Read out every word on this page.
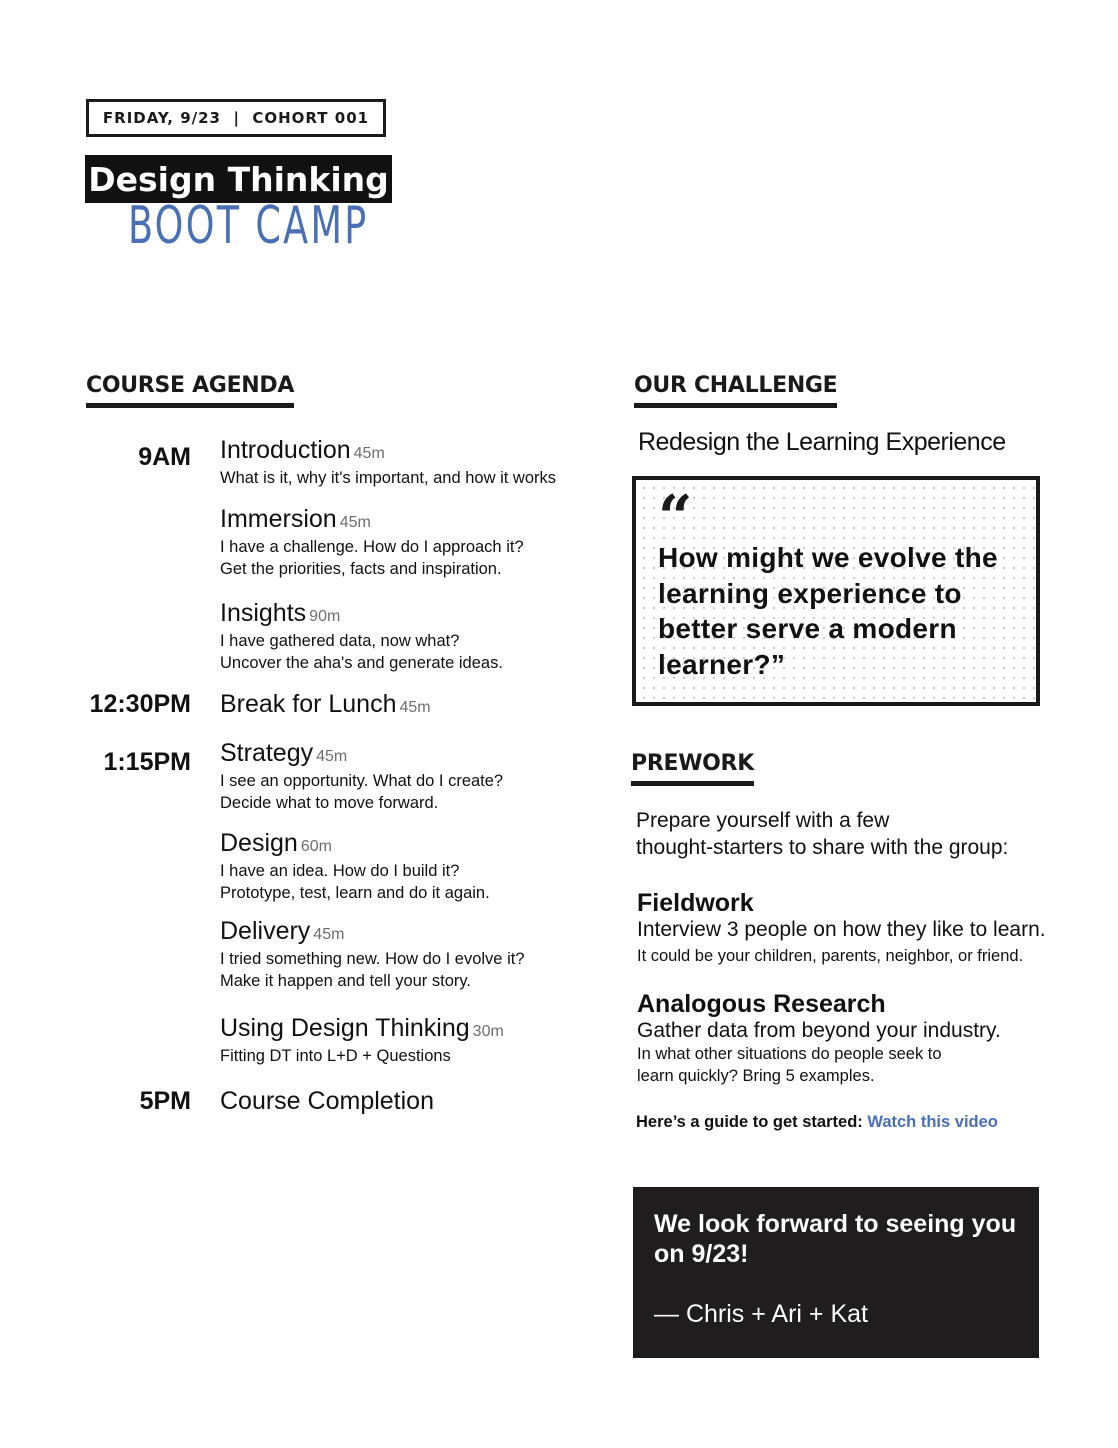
FRIDAY, 9/23  |  COHORT 001
Design Thinking
BOOT CAMP
COURSE AGENDA
9AM
12:30PM
1:15PM
5PM
Introduction 45m
What is it, why it's important, and how it works
Immersion 45m
I have a challenge. How do I approach it?
Get the priorities, facts and inspiration.
Insights 90m
I have gathered data, now what?
Uncover the aha's and generate ideas.
Break for Lunch 45m
Strategy 45m
I see an opportunity. What do I create?
Decide what to move forward.
Design 60m
I have an idea. How do I build it?
Prototype, test, learn and do it again.
Delivery 45m
I tried something new. How do I evolve it?
Make it happen and tell your story.
Using Design Thinking 30m
Fitting DT into L+D + Questions
Course Completion
OUR CHALLENGE
Redesign the Learning Experience
“
How might we evolve the learning experience to better serve a modern learner?”
PREWORK
Prepare yourself with a few
thought-starters to share with the group:
Fieldwork
Interview 3 people on how they like to learn.
It could be your children, parents, neighbor, or friend.
Analogous Research
Gather data from beyond your industry.
In what other situations do people seek to
learn quickly? Bring 5 examples.
Here’s a guide to get started: Watch this video
We look forward to seeing you on 9/23!
— Chris + Ari + Kat
